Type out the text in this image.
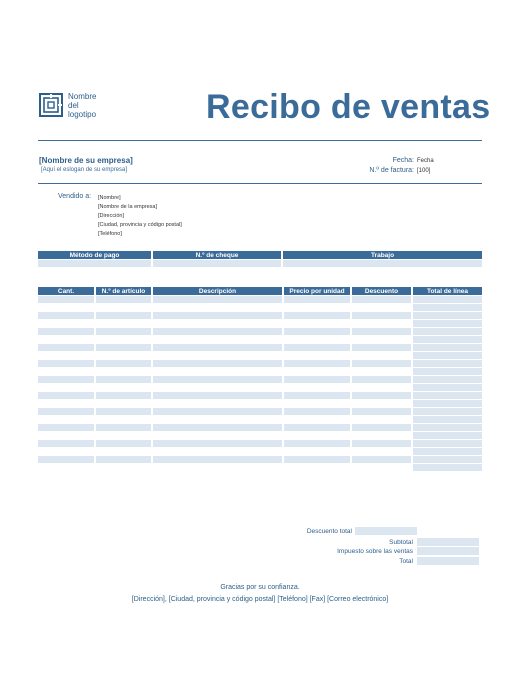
Nombre
del
logotipo	Recibo de ventas
[Nombre de su empresa]
[Aquí el eslogan de su empresa]
Fecha: Fecha
N.º de factura: [100]
Vendido a: [Nombre]
[Nombre de la empresa]
[Dirección]
[Ciudad, provincia y código postal]
[Teléfono]
Método de pago	N.º de cheque	Trabajo

Cant.	N.º de artículo	Descripción	Precio por unidad	Descuento	Total de línea

Descuento total
Subtotal
Impuesto sobre las ventas
Total
Gracias por su confianza.
[Dirección], [Ciudad, provincia y código postal] [Teléfono] [Fax] [Correo electrónico]
